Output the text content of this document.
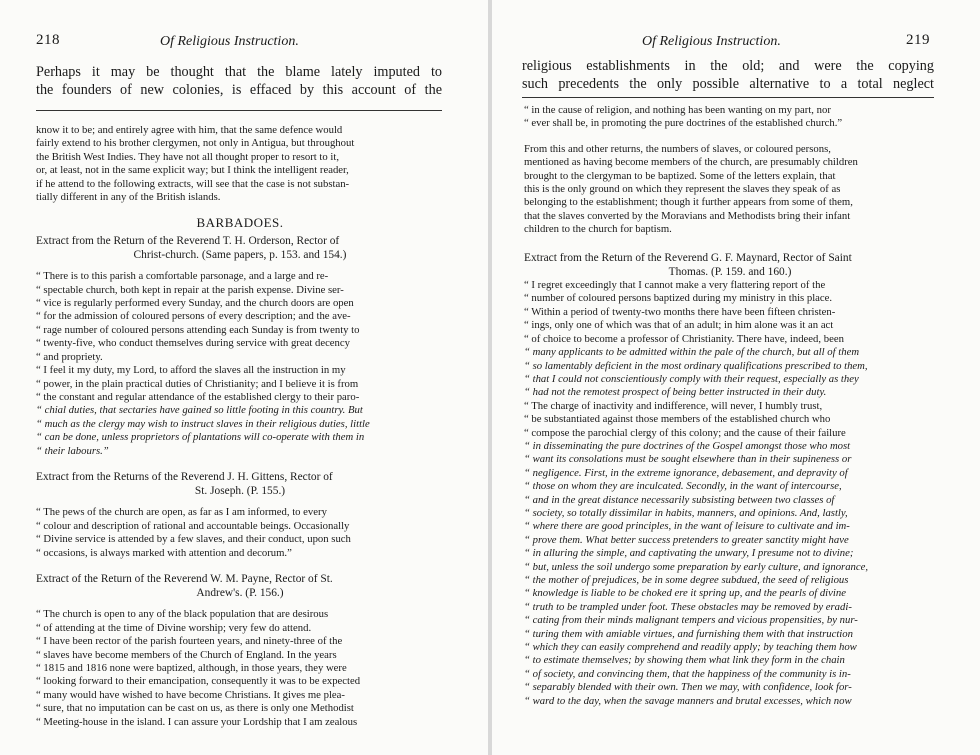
218	Of Religious Instruction.
Perhaps it may be thought that the blame lately imputed to
the founders of new colonies, is effaced by this account of the
know it to be; and entirely agree with him, that the same defence would
fairly extend to his brother clergymen, not only in Antigua, but throughout
the British West Indies. They have not all thought proper to resort to it,
or, at least, not in the same explicit way; but I think the intelligent reader,
if he attend to the following extracts, will see that the case is not substan-
tially different in any of the British islands.
BARBADOES.
Extract from the Return of the Reverend T. H. Orderson, Rector of
Christ-church. (Same papers, p. 153. and 154.)
“ There is to this parish a comfortable parsonage, and a large and re-
“ spectable church, both kept in repair at the parish expense. Divine ser-
“ vice is regularly performed every Sunday, and the church doors are open
“ for the admission of coloured persons of every description; and the ave-
“ rage number of coloured persons attending each Sunday is from twenty to
“ twenty-five, who conduct themselves during service with great decency
“ and propriety.
“ I feel it my duty, my Lord, to afford the slaves all the instruction in my
“ power, in the plain practical duties of Christianity; and I believe it is from
“ the constant and regular attendance of the established clergy to their paro-
“ chial duties, that sectaries have gained so little footing in this country. But
“ much as the clergy may wish to instruct slaves in their religious duties, little
“ can be done, unless proprietors of plantations will co-operate with them in
“ their labours.”
Extract from the Returns of the Reverend J. H. Gittens, Rector of
St. Joseph. (P. 155.)
“ The pews of the church are open, as far as I am informed, to every
“ colour and description of rational and accountable beings. Occasionally
“ Divine service is attended by a few slaves, and their conduct, upon such
“ occasions, is always marked with attention and decorum.”
Extract of the Return of the Reverend W. M. Payne, Rector of St.
Andrew's. (P. 156.)
“ The church is open to any of the black population that are desirous
“ of attending at the time of Divine worship; very few do attend.
“ I have been rector of the parish fourteen years, and ninety-three of the
“ slaves have become members of the Church of England. In the years
“ 1815 and 1816 none were baptized, although, in those years, they were
“ looking forward to their emancipation, consequently it was to be expected
“ many would have wished to have become Christians. It gives me plea-
“ sure, that no imputation can be cast on us, as there is only one Methodist
“ Meeting-house in the island. I can assure your Lordship that I am zealous
Of Religious Instruction.	219
religious establishments in the old; and were the copying
such precedents the only possible alternative to a total neglect
“ in the cause of religion, and nothing has been wanting on my part, nor
“ ever shall be, in promoting the pure doctrines of the established church.”
From this and other returns, the numbers of slaves, or coloured persons,
mentioned as having become members of the church, are presumably children
brought to the clergyman to be baptized. Some of the letters explain, that
this is the only ground on which they represent the slaves they speak of as
belonging to the establishment; though it further appears from some of them,
that the slaves converted by the Moravians and Methodists bring their infant
children to the church for baptism.
Extract from the Return of the Reverend G. F. Maynard, Rector of Saint
Thomas. (P. 159. and 160.)
“ I regret exceedingly that I cannot make a very flattering report of the
“ number of coloured persons baptized during my ministry in this place.
“ Within a period of twenty-two months there have been fifteen christen-
“ ings, only one of which was that of an adult; in him alone was it an act
“ of choice to become a professor of Christianity. There have, indeed, been
“ many applicants to be admitted within the pale of the church, but all of them
“ so lamentably deficient in the most ordinary qualifications prescribed to them,
“ that I could not conscientiously comply with their request, especially as they
“ had not the remotest prospect of being better instructed in their duty.
“ The charge of inactivity and indifference, will never, I humbly trust,
“ be substantiated against those members of the established church who
“ compose the parochial clergy of this colony; and the cause of their failure
“ in disseminating the pure doctrines of the Gospel amongst those who most
“ want its consolations must be sought elsewhere than in their supineness or
“ negligence. First, in the extreme ignorance, debasement, and depravity of
“ those on whom they are inculcated. Secondly, in the want of intercourse,
“ and in the great distance necessarily subsisting between two classes of
“ society, so totally dissimilar in habits, manners, and opinions. And, lastly,
“ where there are good principles, in the want of leisure to cultivate and im-
“ prove them. What better success pretenders to greater sanctity might have
“ in alluring the simple, and captivating the unwary, I presume not to divine;
“ but, unless the soil undergo some preparation by early culture, and ignorance,
“ the mother of prejudices, be in some degree subdued, the seed of religious
“ knowledge is liable to be choked ere it spring up, and the pearls of divine
“ truth to be trampled under foot. These obstacles may be removed by eradi-
“ cating from their minds malignant tempers and vicious propensities, by nur-
“ turing them with amiable virtues, and furnishing them with that instruction
“ which they can easily comprehend and readily apply; by teaching them how
“ to estimate themselves; by showing them what link they form in the chain
“ of society, and convincing them, that the happiness of the community is in-
“ separably blended with their own. Then we may, with confidence, look for-
“ ward to the day, when the savage manners and brutal excesses, which now
